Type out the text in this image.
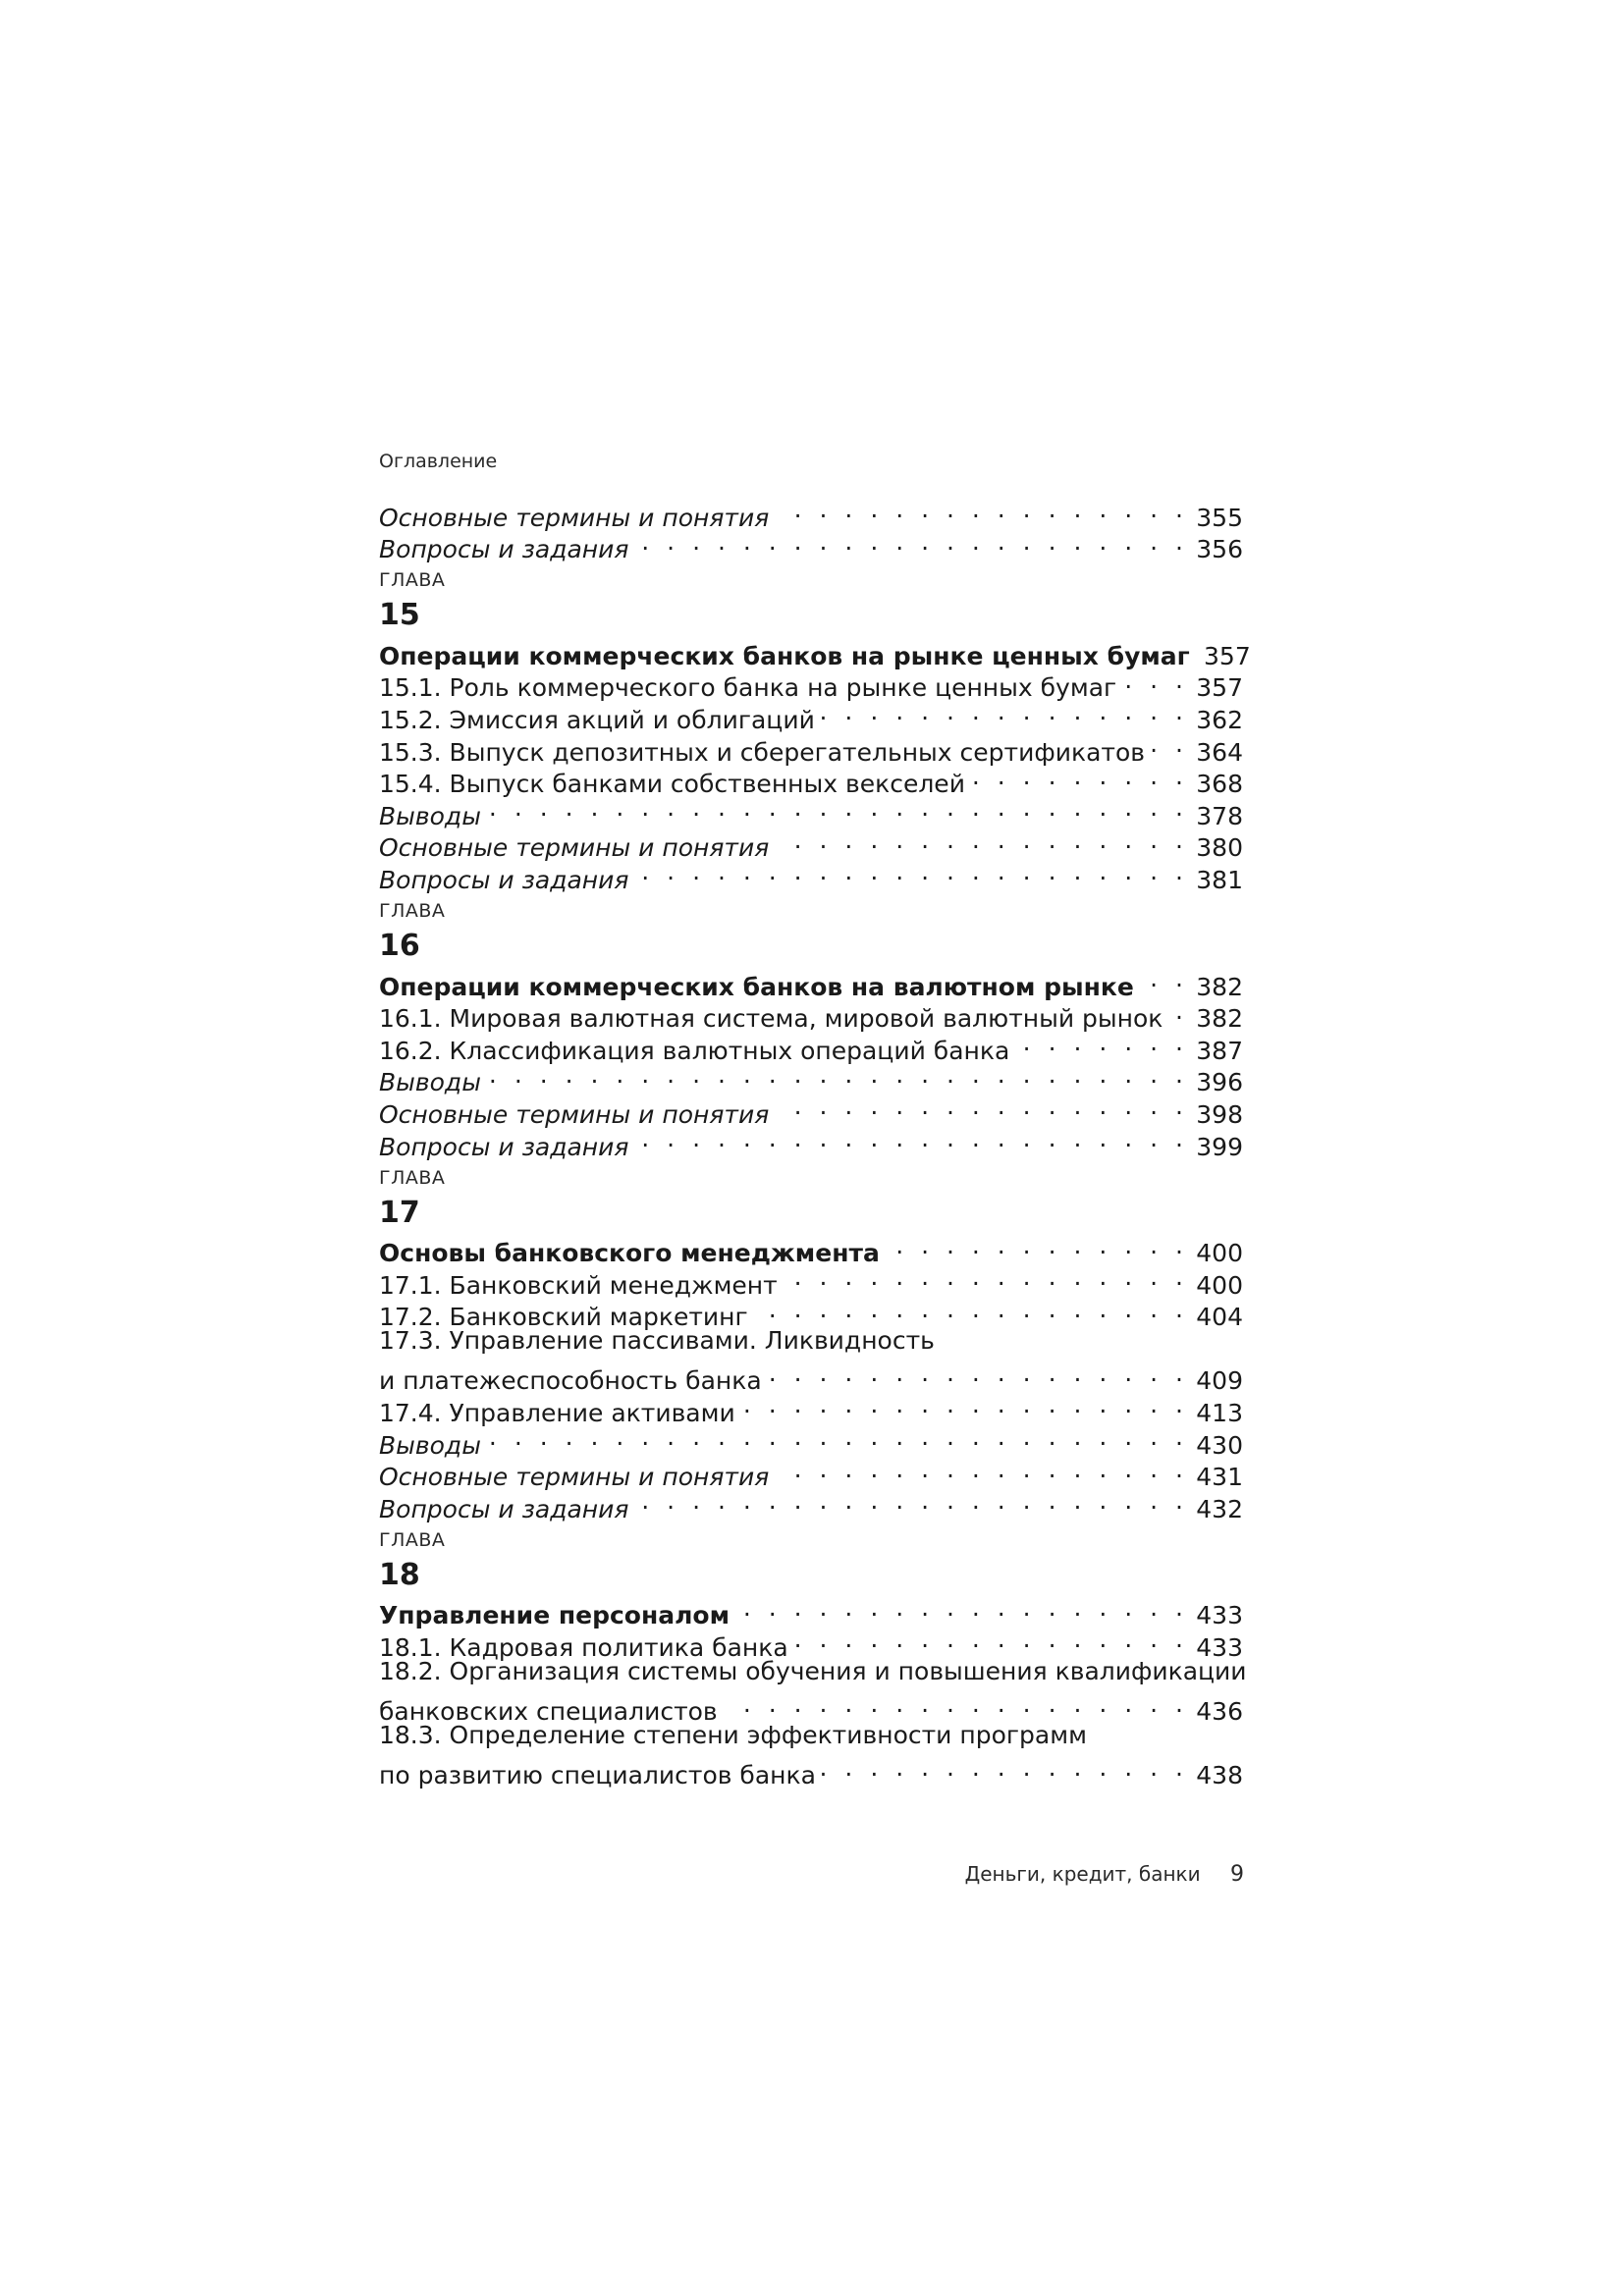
Оглавление
Основные термины и понятия . . .	355
Вопросы и задания . . .	356
ГЛАВА
15
Операции коммерческих банков на рынке ценных бумаг 357
15.1. Роль коммерческого банка на рынке ценных бумаг . . .	357
15.2. Эмиссия акций и облигаций . . .	362
15.3. Выпуск депозитных и сберегательных сертификатов . . . 364
15.4. Выпуск банками собственных векселей . . .	368
Выводы . . .	378
Основные термины и понятия . . .	380
Вопросы и задания . . .	381
ГЛАВА
16
Операции коммерческих банков на валютном рынке . . .	382
16.1. Мировая валютная система, мировой валютный рынок . . . 382
16.2. Классификация валютных операций банка . . .	387
Выводы . . .	396
Основные термины и понятия . . .	398
Вопросы и задания . . .	399
ГЛАВА
17
Основы банковского менеджмента . . .	400
17.1. Банковский менеджмент . . .	400
17.2. Банковский маркетинг . . .	404
17.3. Управление пассивами. Ликвидность
и платежеспособность банка . . .	409
17.4. Управление активами . . .	413
Выводы . . .	430
Основные термины и понятия . . .	431
Вопросы и задания . . .	432
ГЛАВА
18
Управление персоналом . . .	433
18.1. Кадровая политика банка . . .	433
18.2. Организация системы обучения и повышения квалификации
банковских специалистов . . .	436
18.3. Определение степени эффективности программ
по развитию специалистов банка . . .	438
Деньги, кредит, банки 9
